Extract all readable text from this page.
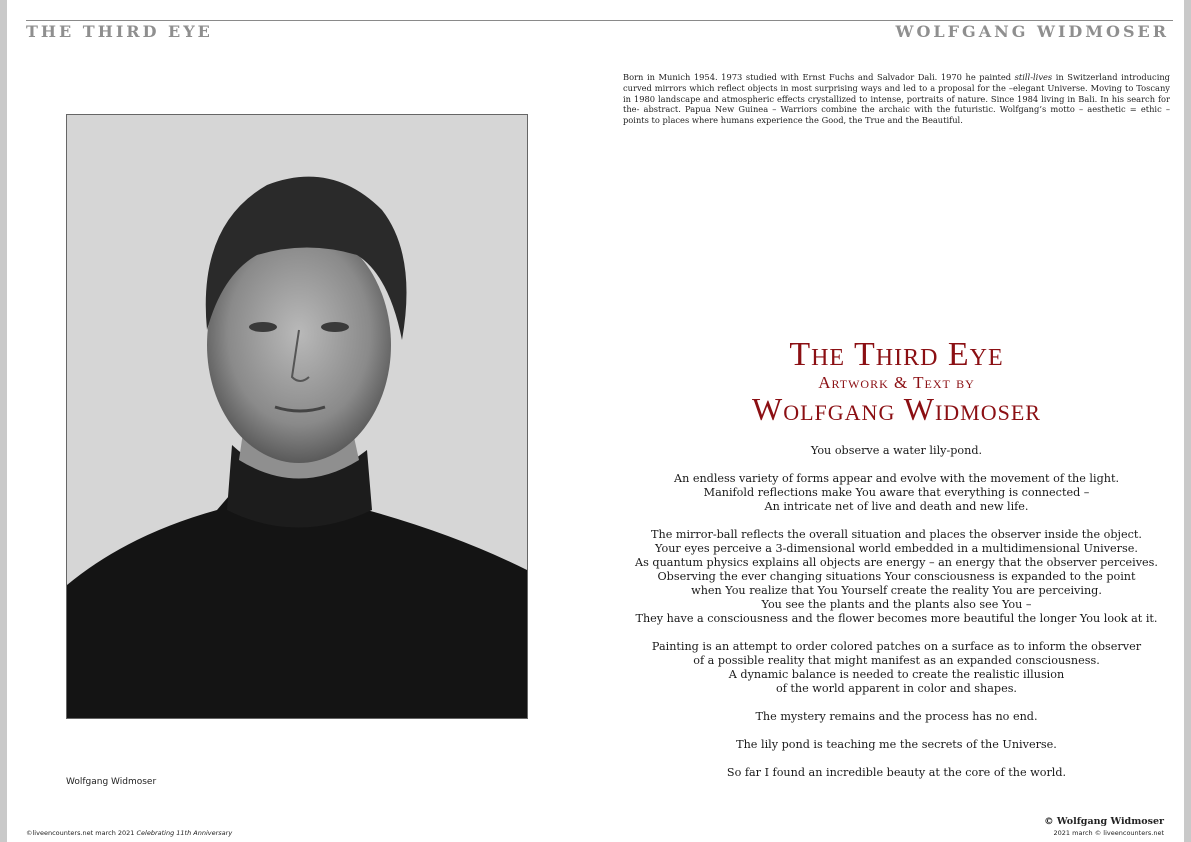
THE THIRD EYE	WOLFGANG WIDMOSER
Born in Munich 1954. 1973 studied with Ernst Fuchs and Salvador Dali. 1970 he painted still-lives in Switzerland introducing curved mirrors which reflect objects in most surprising ways and led to a proposal for the –elegant Universe. Moving to Toscany in 1980 landscape and atmospheric effects crystallized to intense, portraits of nature. Since 1984 living in Bali. In his search for the- abstract. Papua New Guinea – Warriors combine the archaic with the futuristic. Wolfgang’s motto – aesthetic = ethic – points to places where humans experience the Good, the True and the Beautiful.
Wolfgang Widmoser
The Third Eye
Artwork & Text by
Wolfgang Widmoser
You observe a water lily-pond.
An endless variety of forms appear and evolve with the movement of the light.
Manifold reflections make You aware that everything is connected –
An intricate net of live and death and new life.
The mirror-ball reflects the overall situation and places the observer inside the object.
Your eyes perceive a 3-dimensional world embedded in a multidimensional Universe.
As quantum physics explains all objects are energy – an energy that the observer perceives.
Observing the ever changing situations Your consciousness is expanded to the point
when You realize that You Yourself create the reality You are perceiving.
You see the plants and the plants also see You –
They have a consciousness and the flower becomes more beautiful the longer You look at it.
Painting is an attempt to order colored patches on a surface as to inform the observer
of a possible reality that might manifest as an expanded consciousness.
A dynamic balance is needed to create the realistic illusion
of the world apparent in color and shapes.
The mystery remains and the process has no end.
The lily pond is teaching me the secrets of the Universe.
So far I found an incredible beauty at the core of the world.
©liveencounters.net march 2021 Celebrating 11th Anniversary
© Wolfgang Widmoser
2021 march © liveencounters.net
